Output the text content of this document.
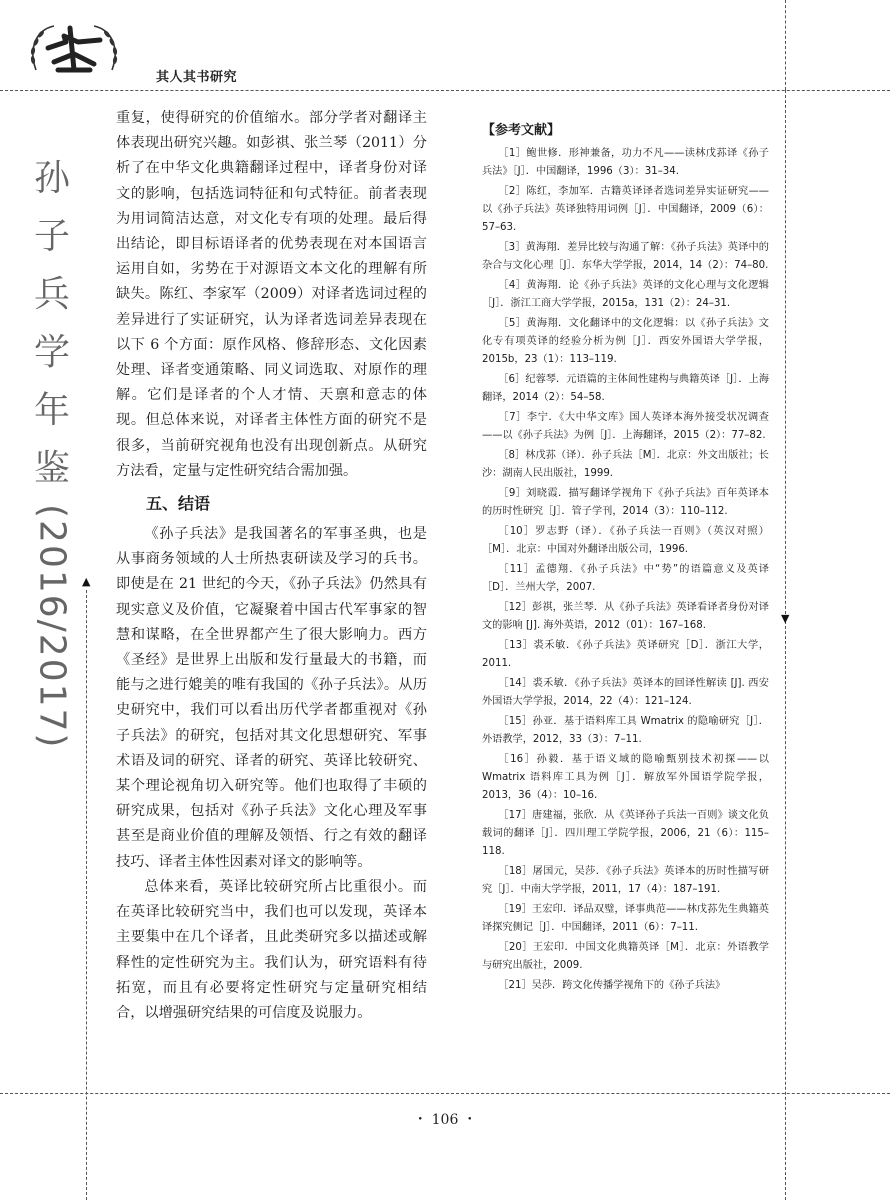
▲
▼
其人其书研究
孙
子
兵
学
年
鉴
(2016/2017)

重复，使得研究的价值缩水。部分学者对翻译主体表现出研究兴趣。如彭祺、张兰琴（2011）分析了在中华文化典籍翻译过程中，译者身份对译文的影响，包括选词特征和句式特征。前者表现为用词简洁达意，对文化专有项的处理。最后得出结论，即目标语译者的优势表现在对本国语言运用自如，劣势在于对源语文本文化的理解有所缺失。陈红、李家军（2009）对译者选词过程的差异进行了实证研究，认为译者选词差异表现在以下 6 个方面：原作风格、修辞形态、文化因素处理、译者变通策略、同义词选取、对原作的理解。它们是译者的个人才情、天禀和意志的体现。但总体来说，对译者主体性方面的研究不是很多，当前研究视角也没有出现创新点。从研究方法看，定量与定性研究结合需加强。

五、结语

《孙子兵法》是我国著名的军事圣典，也是从事商务领域的人士所热衷研读及学习的兵书。即使是在 21 世纪的今天，《孙子兵法》仍然具有现实意义及价值，它凝聚着中国古代军事家的智慧和谋略，在全世界都产生了很大影响力。西方《圣经》是世界上出版和发行量最大的书籍，而能与之进行媲美的唯有我国的《孙子兵法》。从历史研究中，我们可以看出历代学者都重视对《孙子兵法》的研究，包括对其文化思想研究、军事术语及词的研究、译者的研究、英译比较研究、某个理论视角切入研究等。他们也取得了丰硕的研究成果，包括对《孙子兵法》文化心理及军事甚至是商业价值的理解及领悟、行之有效的翻译技巧、译者主体性因素对译文的影响等。

总体来看，英译比较研究所占比重很小。而在英译比较研究当中，我们也可以发现，英译本主要集中在几个译者，且此类研究多以描述或解释性的定性研究为主。我们认为，研究语料有待拓宽，而且有必要将定性研究与定量研究相结合，以增强研究结果的可信度及说服力。

【参考文献】

［1］鲍世修．形神兼备，功力不凡——读林戊荪译《孙子兵法》［J］．中国翻译，1996（3）：31–34.

［2］陈红，李加军．古籍英译译者选词差异实证研究——以《孙子兵法》英译独特用词例［J］．中国翻译，2009（6）：57–63.

［3］黄海翔．差异比较与沟通了解：《孙子兵法》英译中的杂合与文化心理［J］．东华大学学报，2014，14（2）：74–80.

［4］黄海翔．论《孙子兵法》英译的文化心理与文化逻辑［J］．浙江工商大学学报，2015a，131（2）：24–31.

［5］黄海翔．文化翻译中的文化逻辑：以《孙子兵法》文化专有项英译的经验分析为例［J］．西安外国语大学学报，2015b，23（1）：113–119.

［6］纪蓉琴．元语篇的主体间性建构与典籍英译［J］．上海翻译，2014（2）：54–58.

［7］李宁．《大中华文库》国人英译本海外接受状况调查——以《孙子兵法》为例［J］．上海翻译，2015（2）：77–82.

［8］林戊荪（译）．孙子兵法［M］．北京：外文出版社；长沙：湖南人民出版社，1999.

［9］刘晓霞．描写翻译学视角下《孙子兵法》百年英译本的历时性研究［J］．管子学刊，2014（3）：110–112.

［10］罗志野（译）．《孙子兵法一百则》（英汉对照）［M］．北京：中国对外翻译出版公司，1996.

［11］孟德翔．《孙子兵法》中“势”的语篇意义及英译［D］．兰州大学，2007.

［12］彭祺，张兰琴．从《孙子兵法》英译看译者身份对译文的影响 [J]. 海外英语，2012（01）：167–168.

［13］裘禾敏．《孙子兵法》英译研究［D］．浙江大学，2011.

［14］裘禾敏．《孙子兵法》英译本的回译性解读 [J]. 西安外国语大学学报，2014，22（4）：121–124.

［15］孙亚．基于语料库工具 Wmatrix 的隐喻研究［J］．外语教学，2012，33（3）：7–11.

［16］孙毅．基于语义域的隐喻甄别技术初探——以 Wmatrix 语料库工具为例［J］．解放军外国语学院学报，2013，36（4）：10–16.

［17］唐建福，张欣．从《英译孙子兵法一百则》谈文化负载词的翻译［J］．四川理工学院学报，2006，21（6）：115–118.

［18］屠国元，吴莎．《孙子兵法》英译本的历时性描写研究［J］．中南大学学报，2011，17（4）：187–191.

［19］王宏印．译品双璧，译事典范——林戊荪先生典籍英译探究侧记［J］．中国翻译，2011（6）：7–11.

［20］王宏印．中国文化典籍英译［M］．北京：外语教学与研究出版社，2009.

［21］吴莎．跨文化传播学视角下的《孙子兵法》

・ 106 ・
